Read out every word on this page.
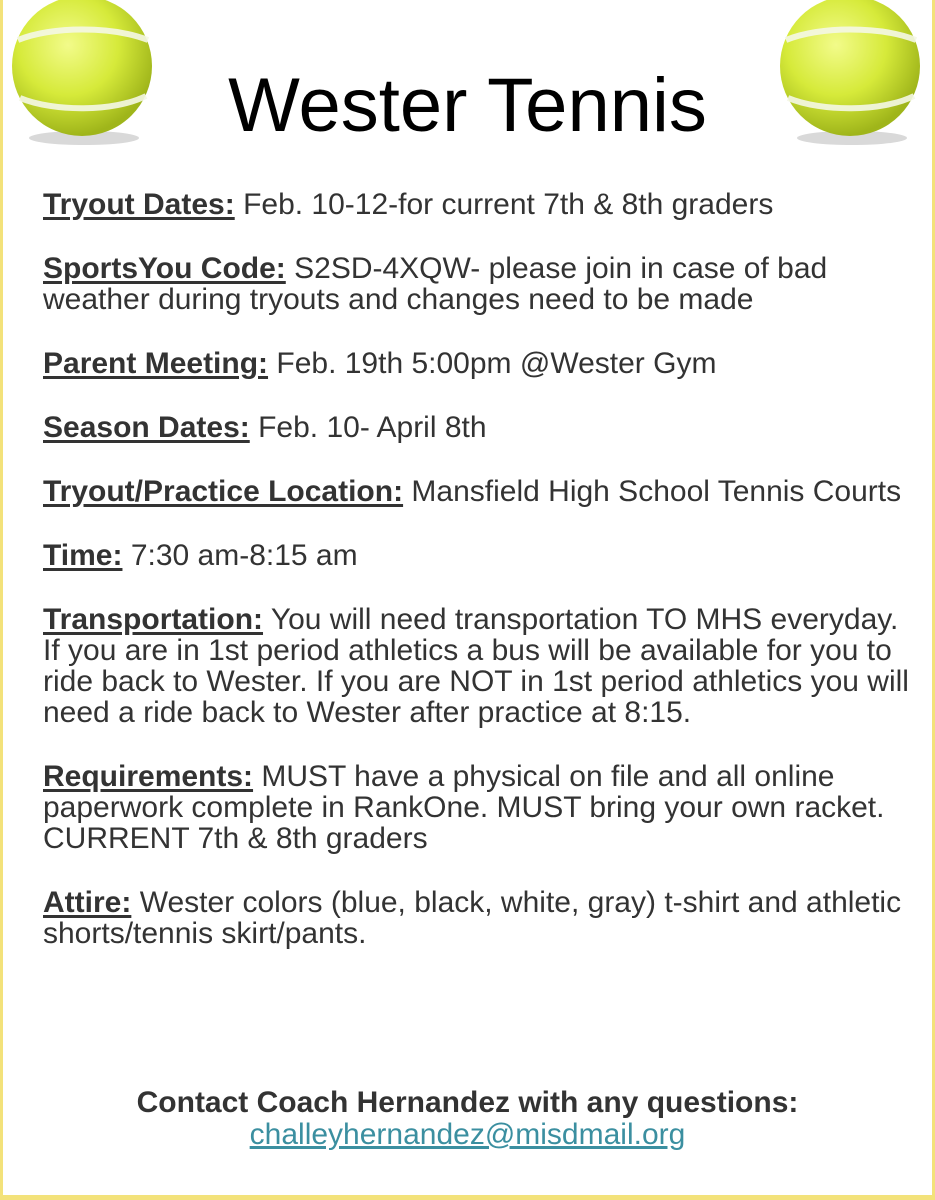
Wester Tennis

Tryout Dates: Feb. 10-12-for current 7th & 8th graders

SportsYou Code: S2SD-4XQW- please join in case of bad weather during tryouts and changes need to be made

Parent Meeting: Feb. 19th 5:00pm @Wester Gym

Season Dates: Feb. 10- April 8th

Tryout/Practice Location: Mansfield High School Tennis Courts

Time: 7:30 am-8:15 am

Transportation: You will need transportation TO MHS everyday. If you are in 1st period athletics a bus will be available for you to ride back to Wester. If you are NOT in 1st period athletics you will need a ride back to Wester after practice at 8:15.

Requirements: MUST have a physical on file and all online paperwork complete in RankOne. MUST bring your own racket. CURRENT 7th & 8th graders

Attire: Wester colors (blue, black, white, gray) t-shirt and athletic shorts/tennis skirt/pants.

Contact Coach Hernandez with any questions:
challeyhernandez@misdmail.org
